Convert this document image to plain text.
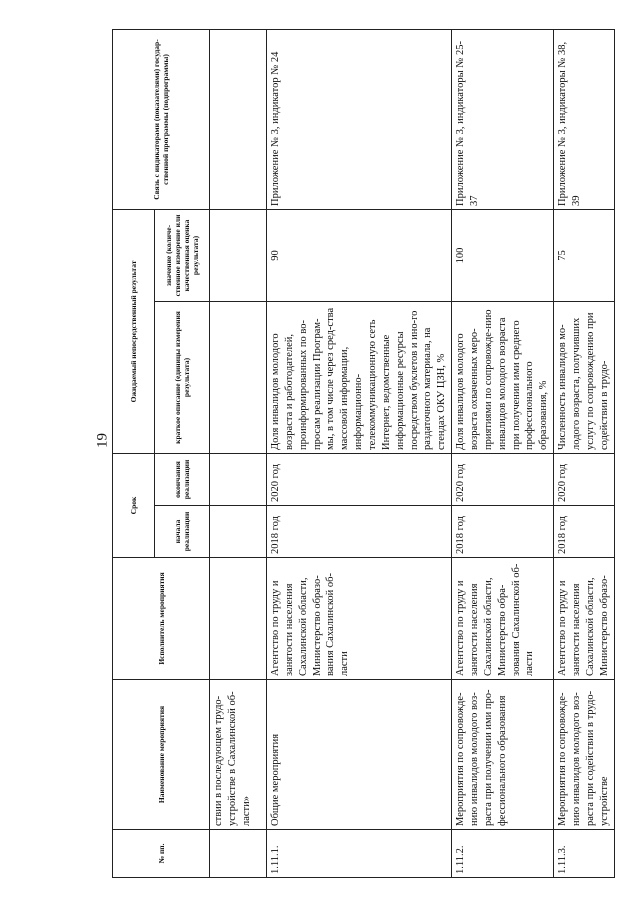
19
№ пп.	Наименование мероприятия	Исполнитель мероприятия	Срок		Ожидаемый непосредственный результат		Связь с индикаторами (показателями) государ-ственной программы (подпрограммы)
			начала реализации	окончания реализации	краткое описание (единицы измерения результата)	значение (количе-ственное измерение или качественная оценка результата)	
	ствии в последующем трудо-устройстве в Сахалинской об-ласти»						
1.11.1.	Общие мероприятия	Агентство по труду и занятости населения Сахалинской области, Министерство образо-вания Сахалинской об-ласти	2018 год	2020 год	Доля инвалидов молодого возраста и работодателей, проинформированных по во-просам реализации Програм-мы, в том числе через сред-ства массовой информации, информационно-телекоммуникационную сеть Интернет, ведомственные информационные ресурсы посредством буклетов и ино-го раздаточного материала, на стендах ОКУ ЦЗН, %	90	Приложение № 3, индикатор № 24
1.11.2.	Мероприятия по сопровожде-нию инвалидов молодого воз-раста при получении ими про-фессионального образования	Агентство по труду и занятости населения Сахалинской области, Министерство обра-зования Сахалинской об-ласти	2018 год	2020 год	Доля инвалидов молодого возраста охваченных меро-приятиями по сопровожде-нию инвалидов молодого возраста при получении ими среднего профессионального образования, %	100	Приложение № 3, индикаторы № 25-37
1.11.3.	Мероприятия по сопровожде-нию инвалидов молодого воз-раста при содействии в трудо-устройстве	Агентство по труду и занятости населения Сахалинской области, Министерство образо-	2018 год	2020 год	Численность инвалидов мо-лодого возраста, получивших услугу по сопровождению при содействии в трудо-	75	Приложение № 3, индикаторы № 38, 39
